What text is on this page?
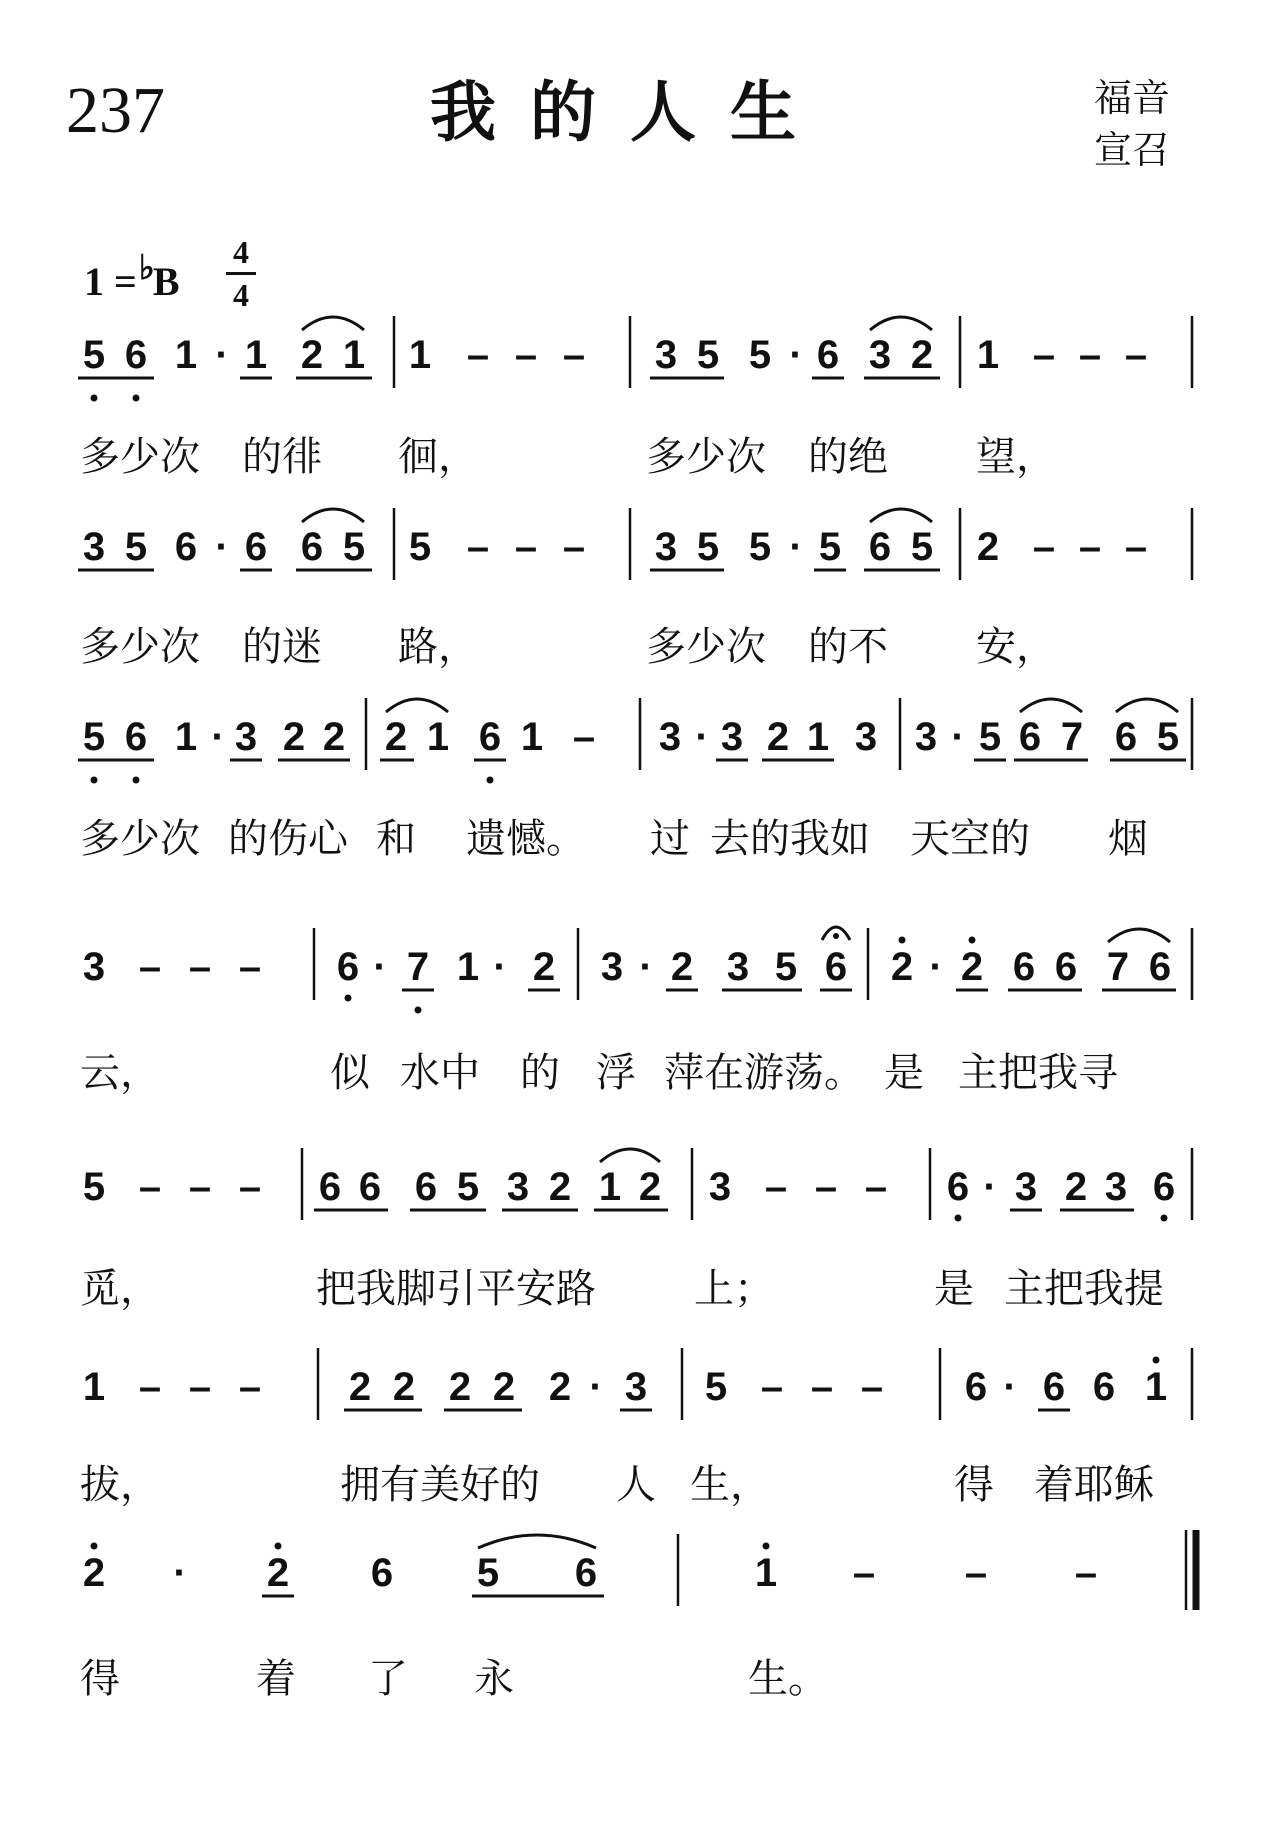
237	我的人生	福音宣召
$1 =^♭B \frac{4}{4}$
5 6 1 · 1 2 1 1 – – – 3 5 5 · 6 3 2 1 – – –
多少次 的徘 徊，	多少次 的绝 望，
3 5 6 · 6 6 5 5 – – – 3 5 5 · 5 6 5 2 – – –
多少次 的迷 路，	多少次 的不 安，
5 6 1 · 3 2 2 2 1 6 1 – 3 · 3 2 1 3 3 · 5 6 7 6 5
多少次 的伤心 和 遗憾。 过 去的我如 天空的 烟
3 – – – 6 · 7 1 · 2 3 · 2 3 5 6 2 · 2 6 6 7 6
云，	似 水中 的 浮 萍在游荡。 是 主把我寻
5 – – – 6 6 6 5 3 2 1 2 3 – – – 6 · 3 2 3 6
觅，	把我脚引平安路 上；	是 主把我提
1 – – – 2 2 2 2 2 · 3 5 – – – 6 · 6 6 1
拔，	拥有美好的 人 生，	得 着耶稣
2 · 2 6 5 6	1 – – –
得	着 了 永	生。
